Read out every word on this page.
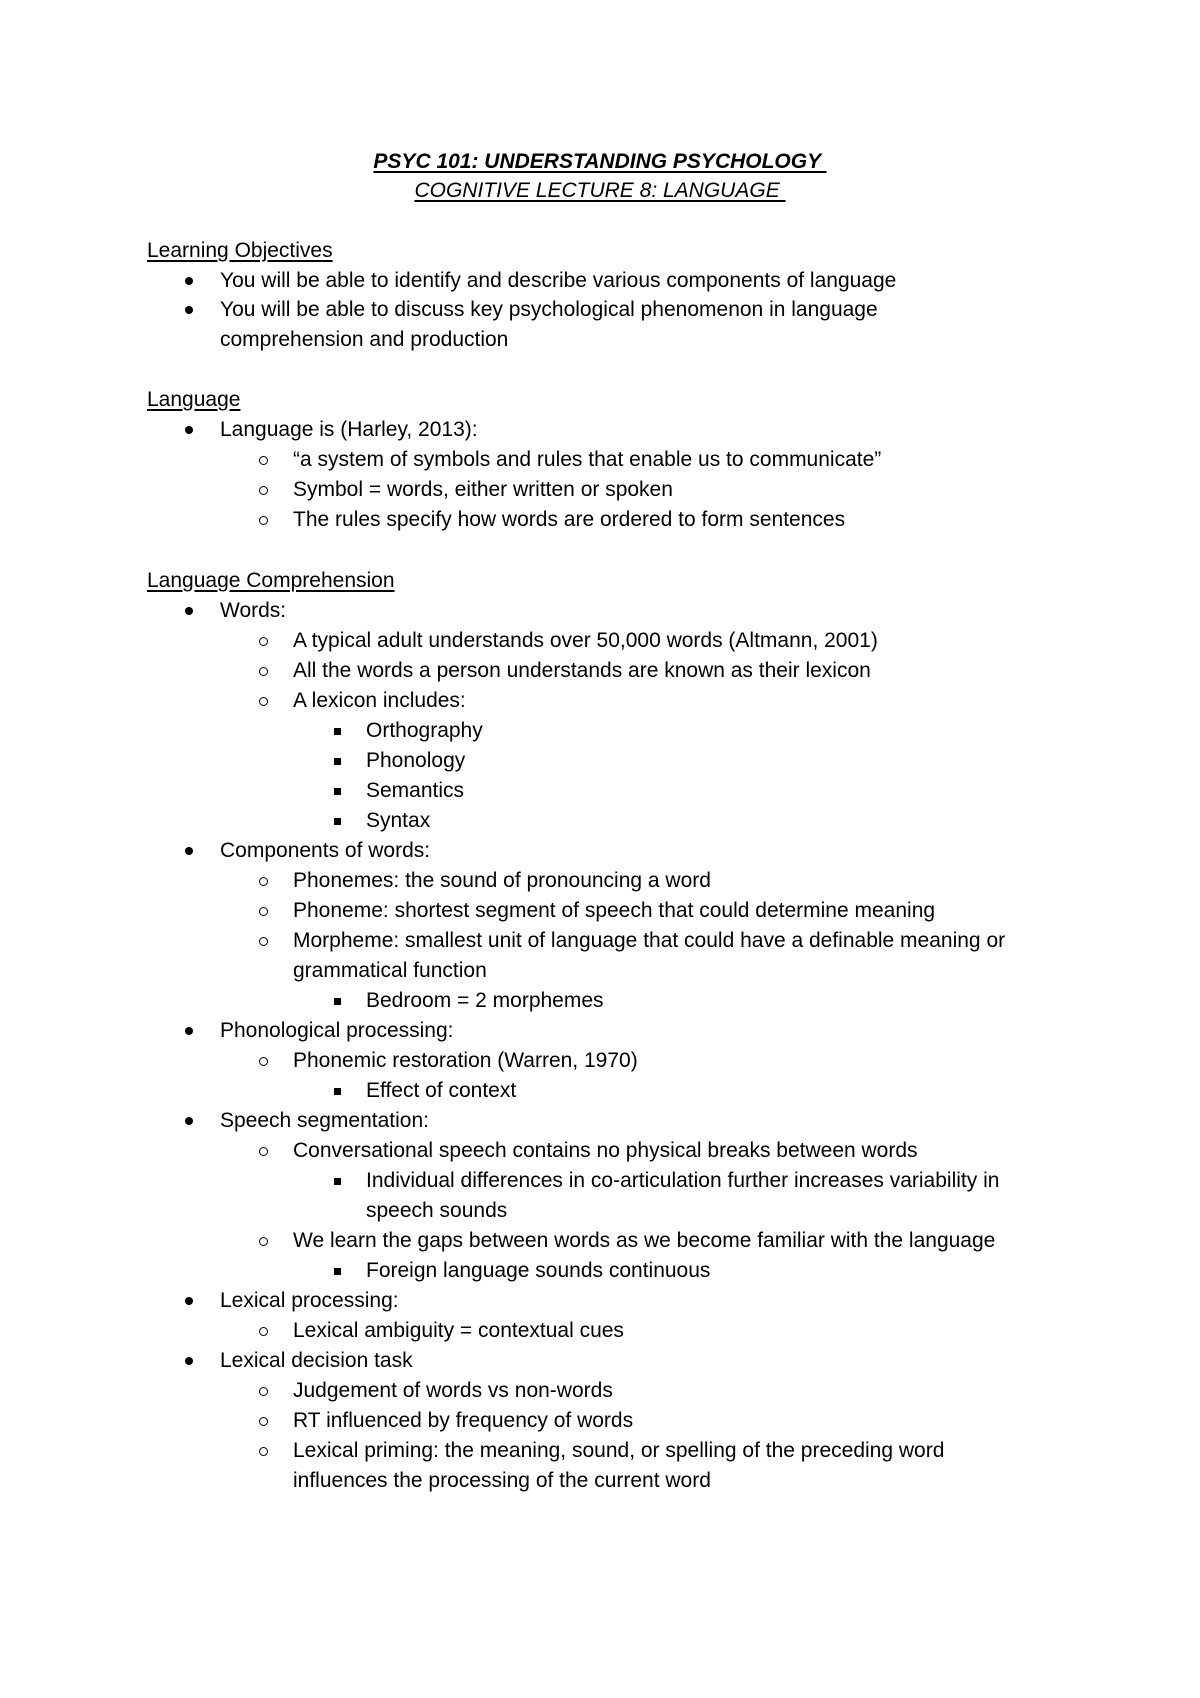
PSYC 101: UNDERSTANDING PSYCHOLOGY
COGNITIVE LECTURE 8: LANGUAGE
Learning Objectives
You will be able to identify and describe various components of language
You will be able to discuss key psychological phenomenon in language
comprehension and production
Language
Language is (Harley, 2013):
“a system of symbols and rules that enable us to communicate”
Symbol = words, either written or spoken
The rules specify how words are ordered to form sentences
Language Comprehension
Words:
A typical adult understands over 50,000 words (Altmann, 2001)
All the words a person understands are known as their lexicon
A lexicon includes:
Orthography
Phonology
Semantics
Syntax
Components of words:
Phonemes: the sound of pronouncing a word
Phoneme: shortest segment of speech that could determine meaning
Morpheme: smallest unit of language that could have a definable meaning or
grammatical function
Bedroom = 2 morphemes
Phonological processing:
Phonemic restoration (Warren, 1970)
Effect of context
Speech segmentation:
Conversational speech contains no physical breaks between words
Individual differences in co-articulation further increases variability in
speech sounds
We learn the gaps between words as we become familiar with the language
Foreign language sounds continuous
Lexical processing:
Lexical ambiguity = contextual cues
Lexical decision task
Judgement of words vs non-words
RT influenced by frequency of words
Lexical priming: the meaning, sound, or spelling of the preceding word
influences the processing of the current word
